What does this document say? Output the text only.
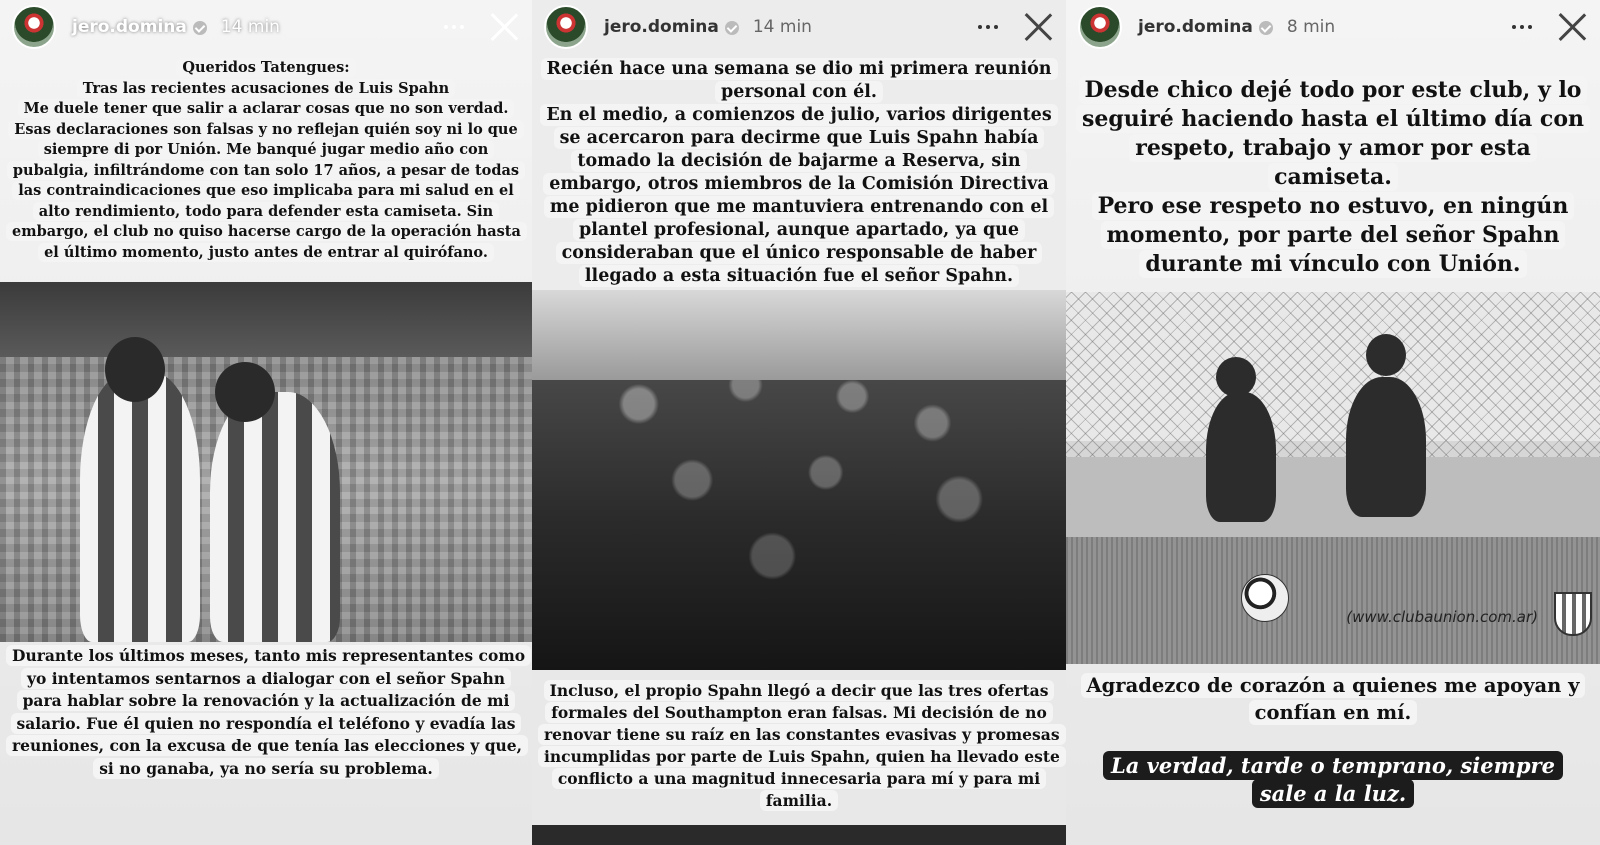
jero.domina 14 min

Queridos Tatengues:

Tras las recientes acusaciones de Luis Spahn

Me duele tener que salir a aclarar cosas que no son verdad.

Esas declaraciones son falsas y no reflejan quién soy ni lo que siempre di por Unión. Me banqué jugar medio año con pubalgia, infiltrándome con tan solo 17 años, a pesar de todas las contraindicaciones que eso implicaba para mi salud en el alto rendimiento, todo para defender esta camiseta. Sin embargo, el club no quiso hacerse cargo de la operación hasta el último momento, justo antes de entrar al quirófano.

Durante los últimos meses, tanto mis representantes como yo intentamos sentarnos a dialogar con el señor Spahn para hablar sobre la renovación y la actualización de mi salario. Fue él quien no respondía el teléfono y evadía las reuniones, con la excusa de que tenía las elecciones y que, si no ganaba, ya no sería su problema.

jero.domina 14 min

Recién hace una semana se dio mi primera reunión personal con él.

En el medio, a comienzos de julio, varios dirigentes se acercaron para decirme que Luis Spahn había tomado la decisión de bajarme a Reserva, sin embargo, otros miembros de la Comisión Directiva me pidieron que me mantuviera entrenando con el plantel profesional, aunque apartado, ya que consideraban que el único responsable de haber llegado a esta situación fue el señor Spahn.

Incluso, el propio Spahn llegó a decir que las tres ofertas formales del Southampton eran falsas. Mi decisión de no renovar tiene su raíz en las constantes evasivas y promesas incumplidas por parte de Luis Spahn, quien ha llevado este conflicto a una magnitud innecesaria para mí y para mi familia.

(www.clubaunion.com.ar)
jero.domina 8 min

Desde chico dejé todo por este club, y lo seguiré haciendo hasta el último día con respeto, trabajo y amor por esta camiseta.

Pero ese respeto no estuvo, en ningún momento, por parte del señor Spahn durante mi vínculo con Unión.

Agradezco de corazón a quienes me apoyan y confían en mí.

La verdad, tarde o temprano, siempre sale a la luz.
